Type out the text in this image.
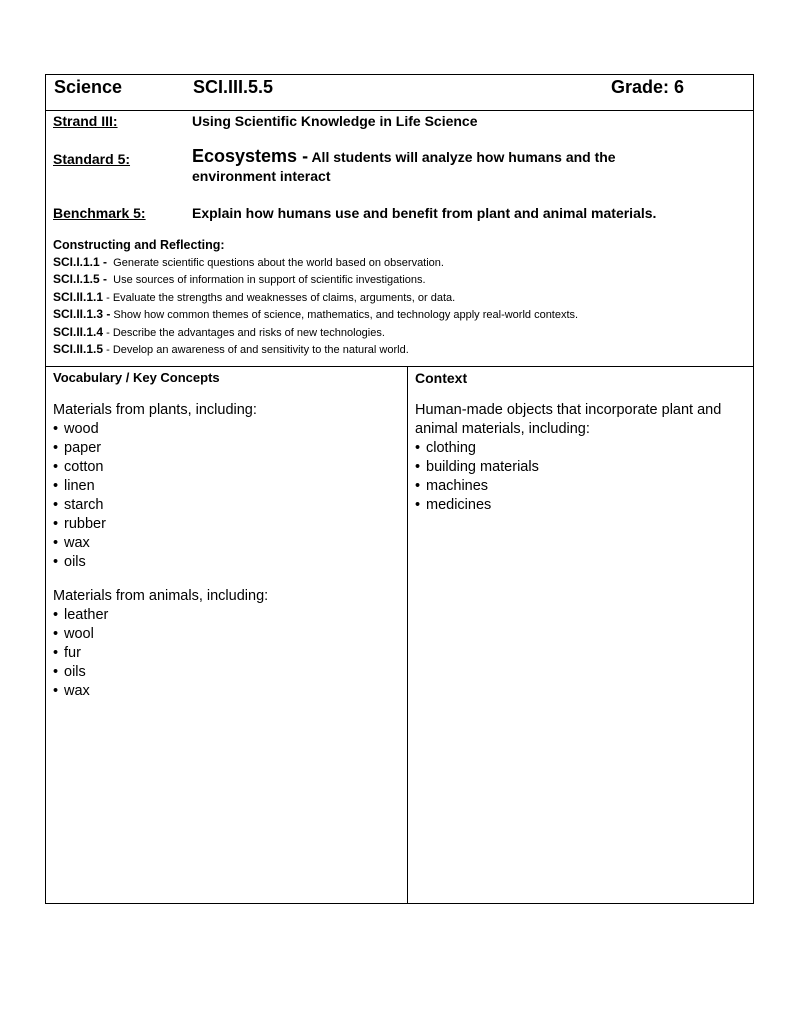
Science	SCI.III.5.5	Grade: 6
Strand III:	Using Scientific Knowledge in Life Science
Standard 5:	Ecosystems - All students will analyze how humans and the environment interact
Benchmark 5:	Explain how humans use and benefit from plant and animal materials.
Constructing and Reflecting:
SCI.I.1.1 - Generate scientific questions about the world based on observation.
SCI.I.1.5 - Use sources of information in support of scientific investigations.
SCI.II.1.1 - Evaluate the strengths and weaknesses of claims, arguments, or data.
SCI.II.1.3 - Show how common themes of science, mathematics, and technology apply real-world contexts.
SCI.II.1.4 - Describe the advantages and risks of new technologies.
SCI.II.1.5 - Develop an awareness of and sensitivity to the natural world.
Vocabulary / Key Concepts
Materials from plants, including:
• wood
• paper
• cotton
• linen
• starch
• rubber
• wax
• oils
Materials from animals, including:
• leather
• wool
• fur
• oils
• wax
Context
Human-made objects that incorporate plant and animal materials, including:
• clothing
• building materials
• machines
• medicines
